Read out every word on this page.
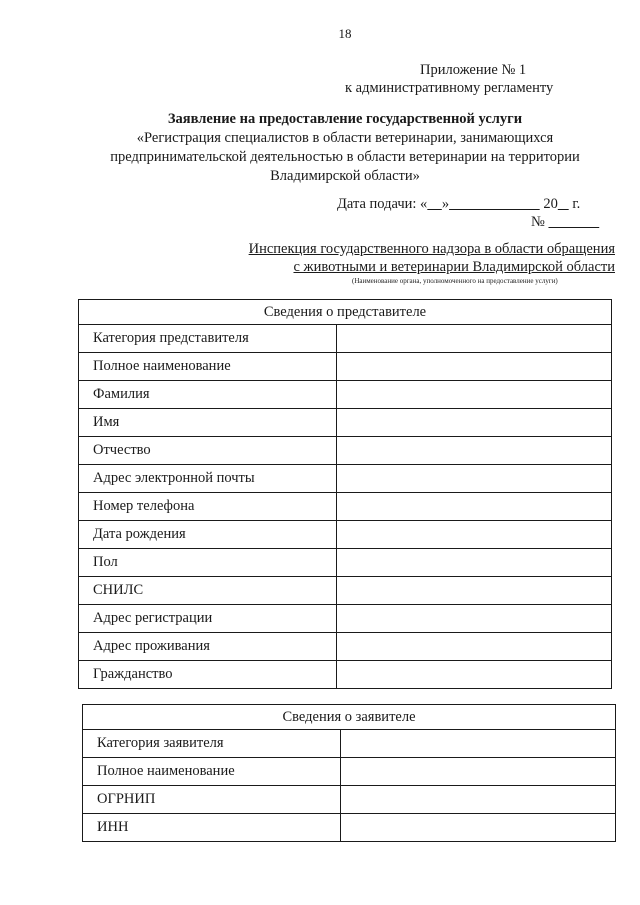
18
Приложение № 1
к административному регламенту
Заявление на предоставление государственной услуги
«Регистрация специалистов в области ветеринарии, занимающихся
предпринимательской деятельностью в области ветеринарии на территории
Владимирской области»
Дата подачи: « »	20    г.
№
Инспекция государственного надзора в области обращения
с животными и ветеринарии Владимирской области
(Наименование органа, уполномоченного на предоставление услуги)
Сведения о представителе	
Категория представителя	
Полное наименование	
Фамилия	
Имя	
Отчество	
Адрес электронной почты	
Номер телефона	
Дата рождения	
Пол	
СНИЛС	
Адрес регистрации	
Адрес проживания	
Гражданство	
Сведения о заявителе	
Категория заявителя	
Полное наименование	
ОГРНИП	
ИНН	
